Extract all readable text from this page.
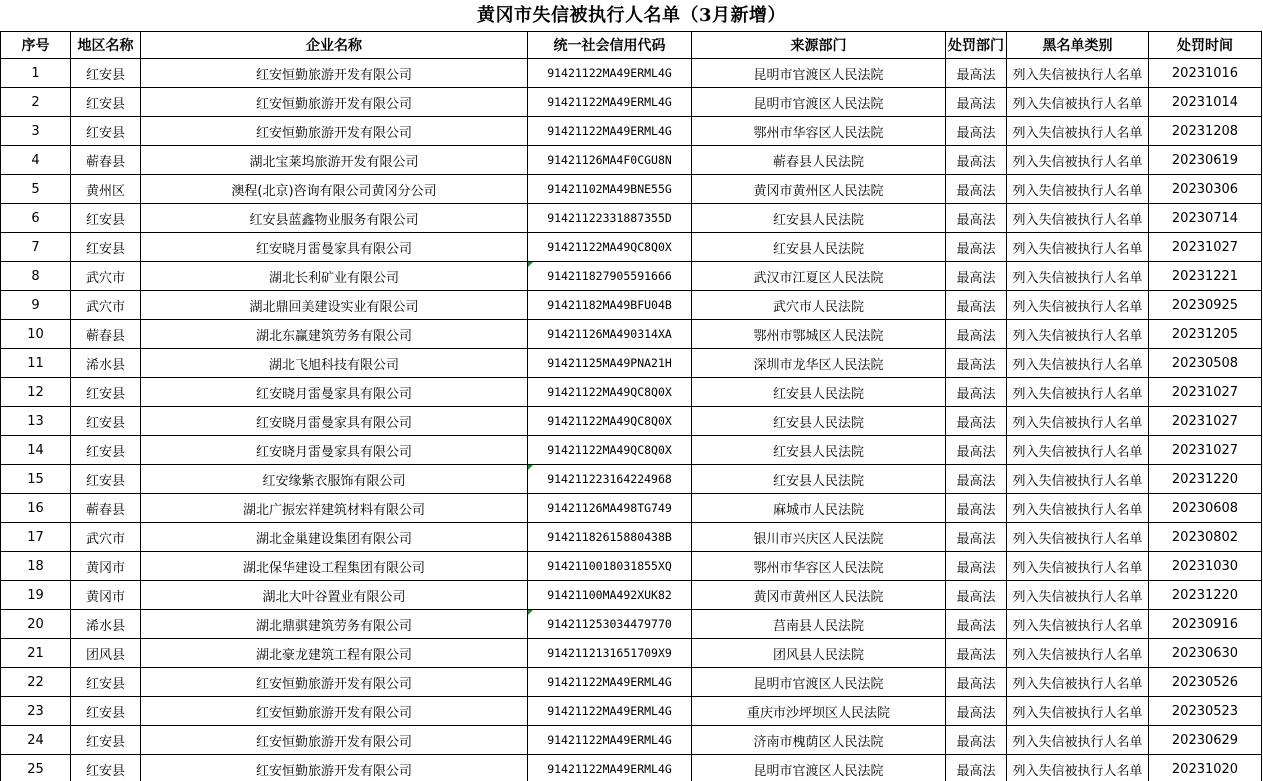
黄冈市失信被执行人名单（3月新增）
序号	地区名称	企业名称	统一社会信用代码	来源部门	处罚部门	黑名单类别	处罚时间
1	红安县	红安恒勤旅游开发有限公司	91421122MA49ERML4G	昆明市官渡区人民法院	最高法	列入失信被执行人名单	20231016
2	红安县	红安恒勤旅游开发有限公司	91421122MA49ERML4G	昆明市官渡区人民法院	最高法	列入失信被执行人名单	20231014
3	红安县	红安恒勤旅游开发有限公司	91421122MA49ERML4G	鄂州市华容区人民法院	最高法	列入失信被执行人名单	20231208
4	蕲春县	湖北宝莱坞旅游开发有限公司	91421126MA4F0CGU8N	蕲春县人民法院	最高法	列入失信被执行人名单	20230619
5	黄州区	澳程(北京)咨询有限公司黄冈分公司	91421102MA49BNE55G	黄冈市黄州区人民法院	最高法	列入失信被执行人名单	20230306
6	红安县	红安县蓝鑫物业服务有限公司	91421122331887355D	红安县人民法院	最高法	列入失信被执行人名单	20230714
7	红安县	红安晓月雷曼家具有限公司	91421122MA49QC8Q0X	红安县人民法院	最高法	列入失信被执行人名单	20231027
8	武穴市	湖北长利矿业有限公司	914211827905591666	武汉市江夏区人民法院	最高法	列入失信被执行人名单	20231221
9	武穴市	湖北鼎回美建设实业有限公司	91421182MA49BFU04B	武穴市人民法院	最高法	列入失信被执行人名单	20230925
10	蕲春县	湖北东赢建筑劳务有限公司	91421126MA490314XA	鄂州市鄂城区人民法院	最高法	列入失信被执行人名单	20231205
11	浠水县	湖北飞旭科技有限公司	91421125MA49PNA21H	深圳市龙华区人民法院	最高法	列入失信被执行人名单	20230508
12	红安县	红安晓月雷曼家具有限公司	91421122MA49QC8Q0X	红安县人民法院	最高法	列入失信被执行人名单	20231027
13	红安县	红安晓月雷曼家具有限公司	91421122MA49QC8Q0X	红安县人民法院	最高法	列入失信被执行人名单	20231027
14	红安县	红安晓月雷曼家具有限公司	91421122MA49QC8Q0X	红安县人民法院	最高法	列入失信被执行人名单	20231027
15	红安县	红安缘紫衣服饰有限公司	914211223164224968	红安县人民法院	最高法	列入失信被执行人名单	20231220
16	蕲春县	湖北广振宏祥建筑材料有限公司	91421126MA498TG749	麻城市人民法院	最高法	列入失信被执行人名单	20230608
17	武穴市	湖北金巢建设集团有限公司	91421182615880438B	银川市兴庆区人民法院	最高法	列入失信被执行人名单	20230802
18	黄冈市	湖北保华建设工程集团有限公司	9142110018031855XQ	鄂州市华容区人民法院	最高法	列入失信被执行人名单	20231030
19	黄冈市	湖北大叶谷置业有限公司	91421100MA492XUK82	黄冈市黄州区人民法院	最高法	列入失信被执行人名单	20231220
20	浠水县	湖北鼎骐建筑劳务有限公司	914211253034479770	莒南县人民法院	最高法	列入失信被执行人名单	20230916
21	团风县	湖北豪龙建筑工程有限公司	9142112131651709X9	团风县人民法院	最高法	列入失信被执行人名单	20230630
22	红安县	红安恒勤旅游开发有限公司	91421122MA49ERML4G	昆明市官渡区人民法院	最高法	列入失信被执行人名单	20230526
23	红安县	红安恒勤旅游开发有限公司	91421122MA49ERML4G	重庆市沙坪坝区人民法院	最高法	列入失信被执行人名单	20230523
24	红安县	红安恒勤旅游开发有限公司	91421122MA49ERML4G	济南市槐荫区人民法院	最高法	列入失信被执行人名单	20230629
25	红安县	红安恒勤旅游开发有限公司	91421122MA49ERML4G	昆明市官渡区人民法院	最高法	列入失信被执行人名单	20231020
